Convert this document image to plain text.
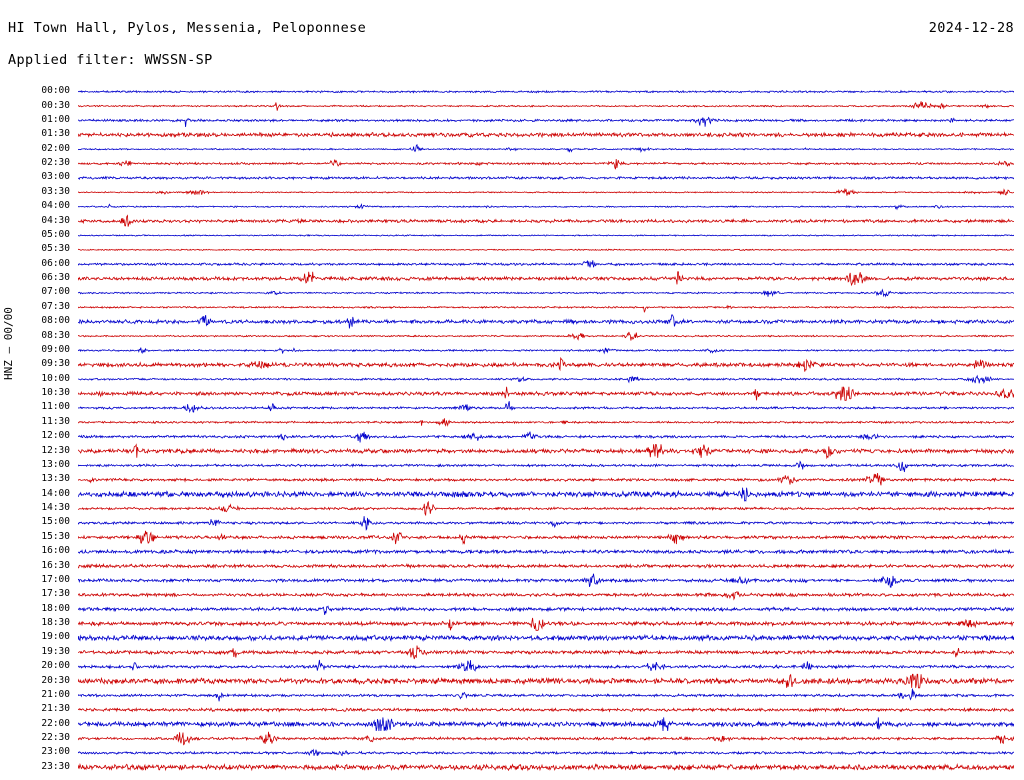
HI Town Hall, Pylos, Messenia, Peloponnese	2024-12-28
Applied filter: WWSSN-SP
HNZ — 00/00
00:00
00:30
01:00
01:30
02:00
02:30
03:00
03:30
04:00
04:30
05:00
05:30
06:00
06:30
07:00
07:30
08:00
08:30
09:00
09:30
10:00
10:30
11:00
11:30
12:00
12:30
13:00
13:30
14:00
14:30
15:00
15:30
16:00
16:30
17:00
17:30
18:00
18:30
19:00
19:30
20:00
20:30
21:00
21:30
22:00
22:30
23:00
23:30
